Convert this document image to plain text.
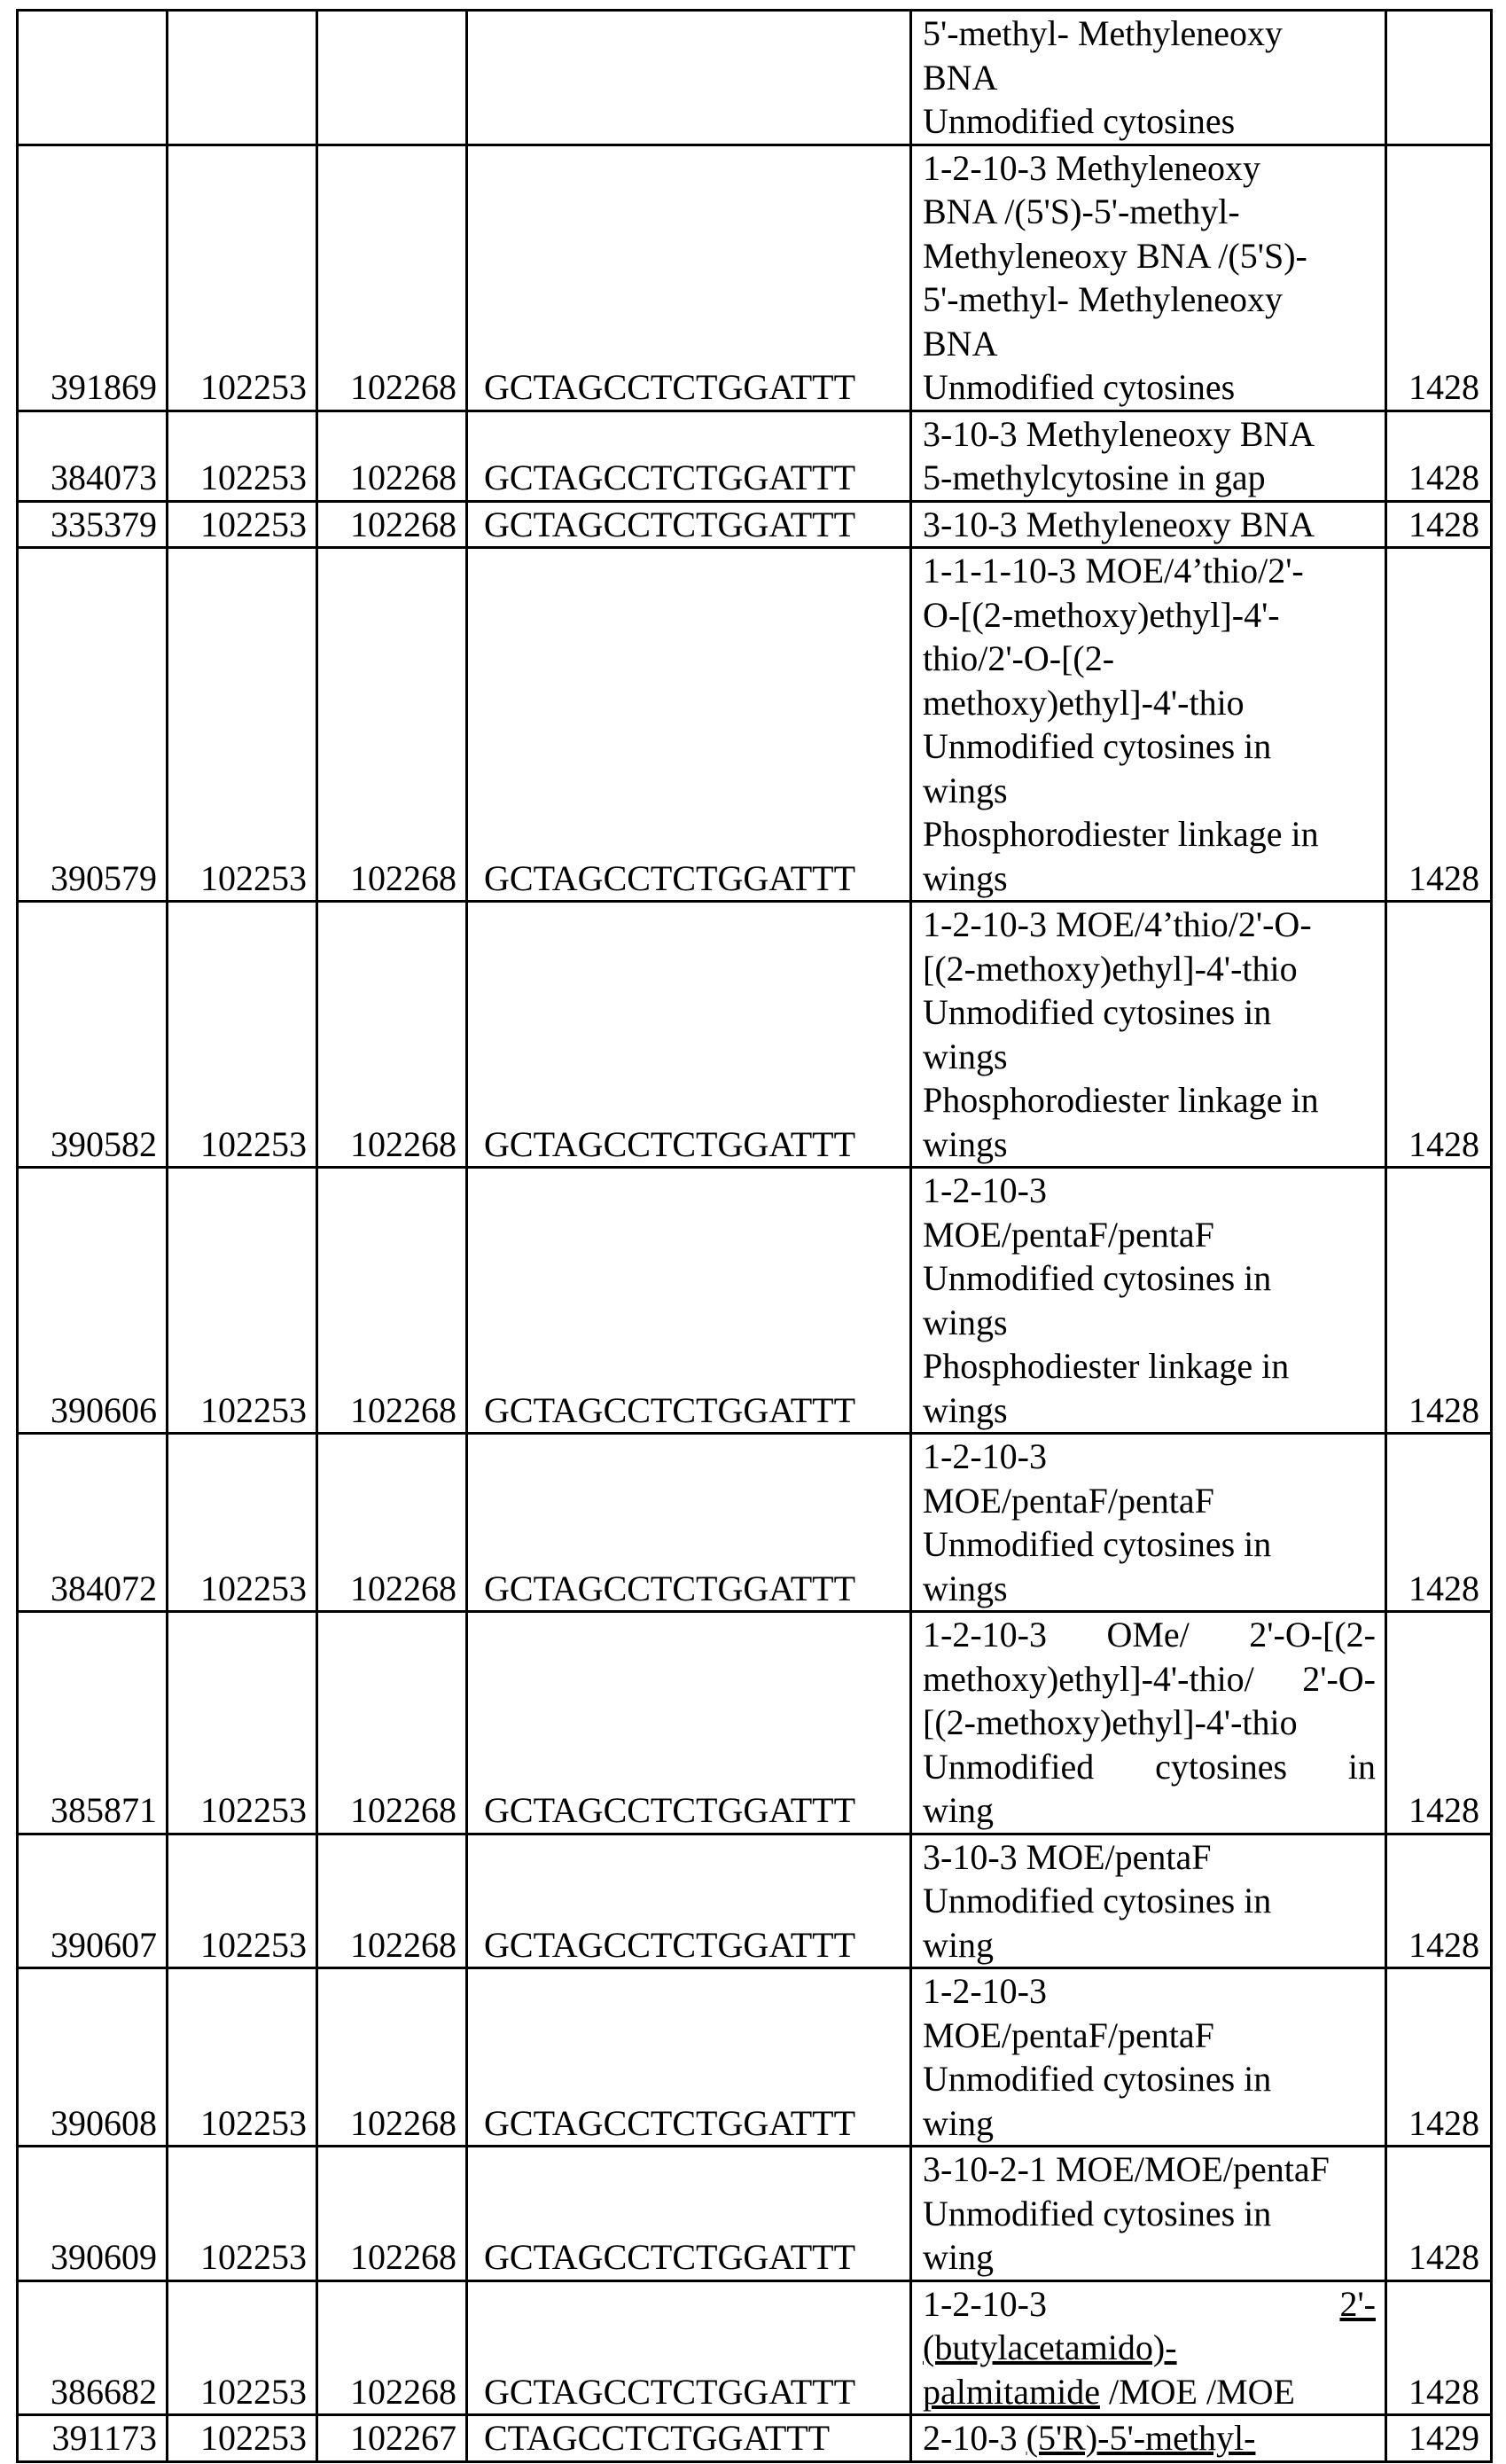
5'-methyl- Methyleneoxy
BNA
Unmodified cytosines

391869	102253	102268	GCTAGCCTCTGGATTT	
1-2-10-3 Methyleneoxy
BNA /(5'S)-5'-methyl-
Methyleneoxy BNA /(5'S)-
5'-methyl- Methyleneoxy
BNA
Unmodified cytosines	1428
384073	102253	102268	GCTAGCCTCTGGATTT	
3-10-3 Methyleneoxy BNA
5-methylcytosine in gap	1428
335379	102253	102268	GCTAGCCTCTGGATTT	3-10-3 Methyleneoxy BNA	1428
390579	102253	102268	GCTAGCCTCTGGATTT	
1-1-1-10-3 MOE/4’thio/2'-
O-[(2-methoxy)ethyl]-4'-
thio/2'-O-[(2-
methoxy)ethyl]-4'-thio
Unmodified cytosines in
wings
Phosphorodiester linkage in
wings	1428
390582	102253	102268	GCTAGCCTCTGGATTT	
1-2-10-3 MOE/4’thio/2'-O-
[(2-methoxy)ethyl]-4'-thio
Unmodified cytosines in
wings
Phosphorodiester linkage in
wings	1428
390606	102253	102268	GCTAGCCTCTGGATTT	
1-2-10-3
MOE/pentaF/pentaF
Unmodified cytosines in
wings
Phosphodiester linkage in
wings	1428
384072	102253	102268	GCTAGCCTCTGGATTT	
1-2-10-3
MOE/pentaF/pentaF
Unmodified cytosines in
wings	1428
385871	102253	102268	GCTAGCCTCTGGATTT	
1-2-10-3 OMe/ 2'-O-[(2-
methoxy)ethyl]-4'-thio/ 2'-O-
[(2-methoxy)ethyl]-4'-thio
Unmodified cytosines in
wing	1428
390607	102253	102268	GCTAGCCTCTGGATTT	
3-10-3 MOE/pentaF
Unmodified cytosines in
wing	1428
390608	102253	102268	GCTAGCCTCTGGATTT	
1-2-10-3
MOE/pentaF/pentaF
Unmodified cytosines in
wing	1428
390609	102253	102268	GCTAGCCTCTGGATTT	
3-10-2-1 MOE/MOE/pentaF
Unmodified cytosines in
wing	1428
386682	102253	102268	GCTAGCCTCTGGATTT	
1-2-10-3 2'-
(butylacetamido)-
palmitamide /MOE /MOE	1428
391173	102253	102267	CTAGCCTCTGGATTT	2-10-3 (5'R)-5'-methyl-	1429
